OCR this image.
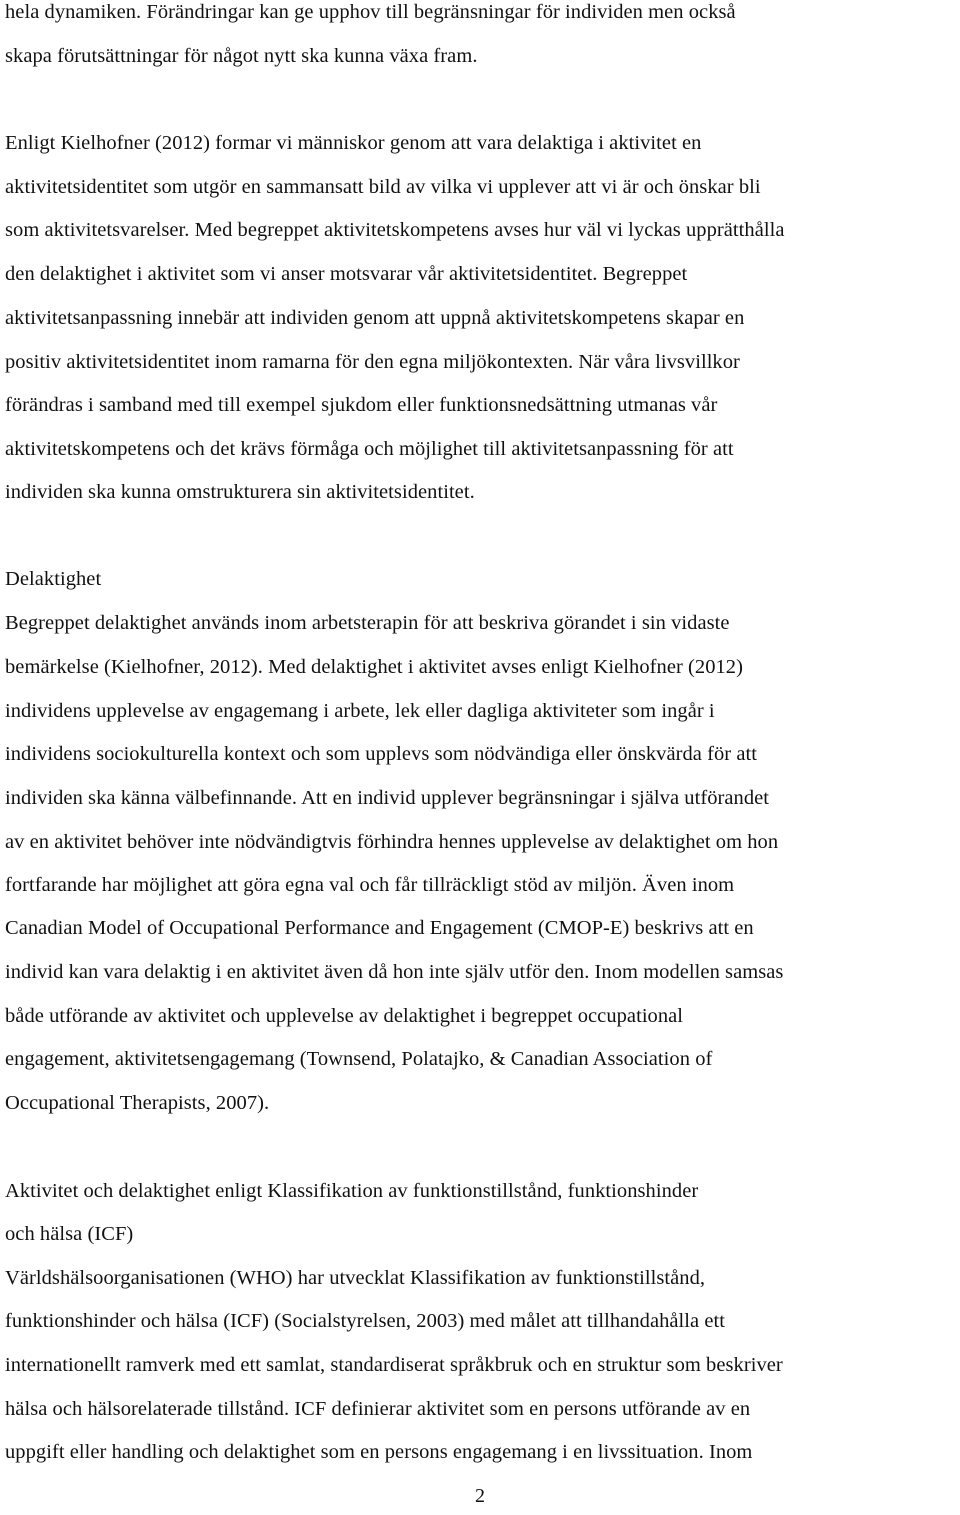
hela dynamiken. Förändringar kan ge upphov till begränsningar för individen men också
skapa förutsättningar för något nytt ska kunna växa fram.
Enligt Kielhofner (2012) formar vi människor genom att vara delaktiga i aktivitet en
aktivitetsidentitet som utgör en sammansatt bild av vilka vi upplever att vi är och önskar bli
som aktivitetsvarelser. Med begreppet aktivitetskompetens avses hur väl vi lyckas upprätthålla
den delaktighet i aktivitet som vi anser motsvarar vår aktivitetsidentitet. Begreppet
aktivitetsanpassning innebär att individen genom att uppnå aktivitetskompetens skapar en
positiv aktivitetsidentitet inom ramarna för den egna miljökontexten. När våra livsvillkor
förändras i samband med till exempel sjukdom eller funktionsnedsättning utmanas vår
aktivitetskompetens och det krävs förmåga och möjlighet till aktivitetsanpassning för att
individen ska kunna omstrukturera sin aktivitetsidentitet.
Delaktighet
Begreppet delaktighet används inom arbetsterapin för att beskriva görandet i sin vidaste
bemärkelse (Kielhofner, 2012). Med delaktighet i aktivitet avses enligt Kielhofner (2012)
individens upplevelse av engagemang i arbete, lek eller dagliga aktiviteter som ingår i
individens sociokulturella kontext och som upplevs som nödvändiga eller önskvärda för att
individen ska känna välbefinnande. Att en individ upplever begränsningar i själva utförandet
av en aktivitet behöver inte nödvändigtvis förhindra hennes upplevelse av delaktighet om hon
fortfarande har möjlighet att göra egna val och får tillräckligt stöd av miljön. Även inom
Canadian Model of Occupational Performance and Engagement (CMOP-E) beskrivs att en
individ kan vara delaktig i en aktivitet även då hon inte själv utför den. Inom modellen samsas
både utförande av aktivitet och upplevelse av delaktighet i begreppet occupational
engagement, aktivitetsengagemang (Townsend, Polatajko, & Canadian Association of
Occupational Therapists, 2007).
Aktivitet och delaktighet enligt Klassifikation av funktionstillstånd, funktionshinder
och hälsa (ICF)
Världshälsoorganisationen (WHO) har utvecklat Klassifikation av funktionstillstånd,
funktionshinder och hälsa (ICF) (Socialstyrelsen, 2003) med målet att tillhandahålla ett
internationellt ramverk med ett samlat, standardiserat språkbruk och en struktur som beskriver
hälsa och hälsorelaterade tillstånd. ICF definierar aktivitet som en persons utförande av en
uppgift eller handling och delaktighet som en persons engagemang i en livssituation. Inom
2
